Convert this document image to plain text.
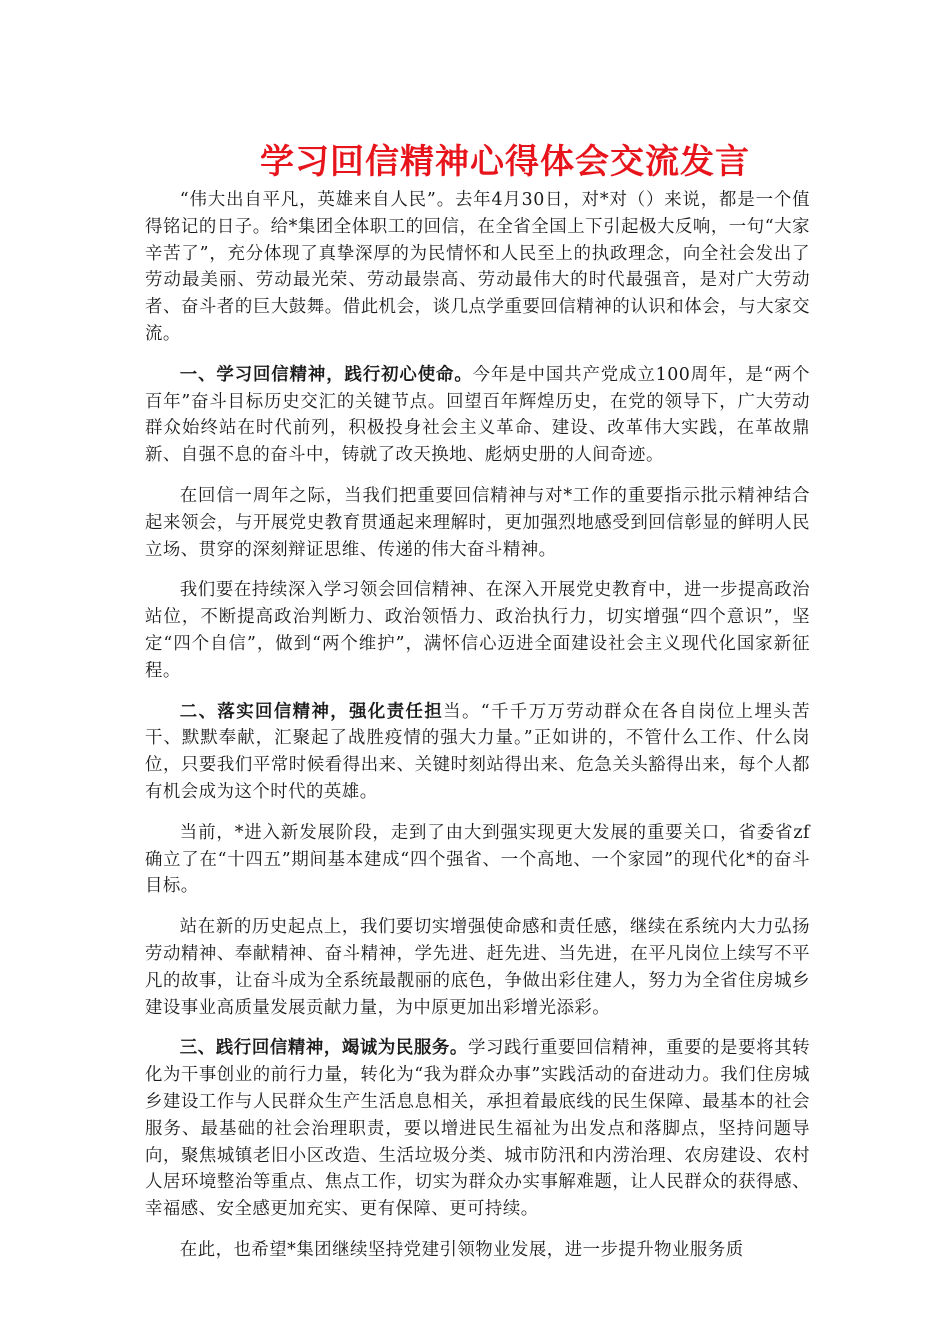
学习回信精神心得体会交流发言

“伟大出自平凡，英雄来自人民”。去年4月30日，对*对（）来说，都是一个值得铭记的日子。给*集团全体职工的回信，在全省全国上下引起极大反响，一句“大家辛苦了”，充分体现了真挚深厚的为民情怀和人民至上的执政理念，向全社会发出了劳动最美丽、劳动最光荣、劳动最崇高、劳动最伟大的时代最强音，是对广大劳动者、奋斗者的巨大鼓舞。借此机会，谈几点学重要回信精神的认识和体会，与大家交流。

一、学习回信精神，践行初心使命。今年是中国共产党成立100周年，是“两个百年”奋斗目标历史交汇的关键节点。回望百年辉煌历史，在党的领导下，广大劳动群众始终站在时代前列，积极投身社会主义革命、建设、改革伟大实践，在革故鼎新、自强不息的奋斗中，铸就了改天换地、彪炳史册的人间奇迹。

在回信一周年之际，当我们把重要回信精神与对*工作的重要指示批示精神结合起来领会，与开展党史教育贯通起来理解时，更加强烈地感受到回信彰显的鲜明人民立场、贯穿的深刻辩证思维、传递的伟大奋斗精神。

我们要在持续深入学习领会回信精神、在深入开展党史教育中，进一步提高政治站位，不断提高政治判断力、政治领悟力、政治执行力，切实增强“四个意识”，坚定“四个自信”，做到“两个维护”，满怀信心迈进全面建设社会主义现代化国家新征程。

二、落实回信精神，强化责任担当。“千千万万劳动群众在各自岗位上埋头苦干、默默奉献，汇聚起了战胜疫情的强大力量。”正如讲的，不管什么工作、什么岗位，只要我们平常时候看得出来、关键时刻站得出来、危急关头豁得出来，每个人都有机会成为这个时代的英雄。

当前，*进入新发展阶段，走到了由大到强实现更大发展的重要关口，省委省zf确立了在“十四五”期间基本建成“四个强省、一个高地、一个家园”的现代化*的奋斗目标。

站在新的历史起点上，我们要切实增强使命感和责任感，继续在系统内大力弘扬劳动精神、奉献精神、奋斗精神，学先进、赶先进、当先进，在平凡岗位上续写不平凡的故事，让奋斗成为全系统最靓丽的底色，争做出彩住建人，努力为全省住房城乡建设事业高质量发展贡献力量，为中原更加出彩增光添彩。

三、践行回信精神，竭诚为民服务。学习践行重要回信精神，重要的是要将其转化为干事创业的前行力量，转化为“我为群众办事”实践活动的奋进动力。我们住房城乡建设工作与人民群众生产生活息息相关，承担着最底线的民生保障、最基本的社会服务、最基础的社会治理职责，要以增进民生福祉为出发点和落脚点，坚持问题导向，聚焦城镇老旧小区改造、生活垃圾分类、城市防汛和内涝治理、农房建设、农村人居环境整治等重点、焦点工作，切实为群众办实事解难题，让人民群众的获得感、幸福感、安全感更加充实、更有保障、更可持续。

在此，也希望*集团继续坚持党建引领物业发展，进一步提升物业服务质
